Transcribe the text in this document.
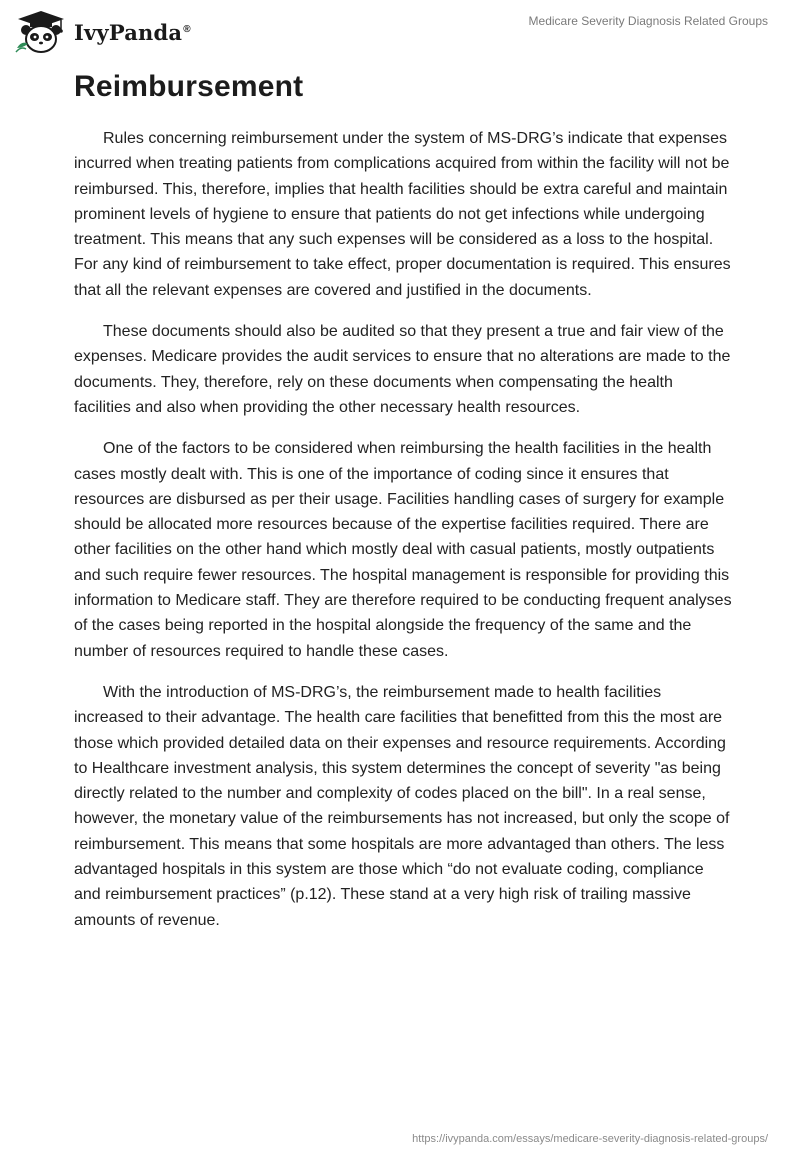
IvyPanda®
Medicare Severity Diagnosis Related Groups
Reimbursement

Rules concerning reimbursement under the system of MS-DRG’s indicate that expenses incurred when treating patients from complications acquired from within the facility will not be reimbursed. This, therefore, implies that health facilities should be extra careful and maintain prominent levels of hygiene to ensure that patients do not get infections while undergoing treatment. This means that any such expenses will be considered as a loss to the hospital. For any kind of reimbursement to take effect, proper documentation is required. This ensures that all the relevant expenses are covered and justified in the documents.

These documents should also be audited so that they present a true and fair view of the expenses. Medicare provides the audit services to ensure that no alterations are made to the documents. They, therefore, rely on these documents when compensating the health facilities and also when providing the other necessary health resources.

One of the factors to be considered when reimbursing the health facilities in the health cases mostly dealt with. This is one of the importance of coding since it ensures that resources are disbursed as per their usage. Facilities handling cases of surgery for example should be allocated more resources because of the expertise facilities required. There are other facilities on the other hand which mostly deal with casual patients, mostly outpatients and such require fewer resources. The hospital management is responsible for providing this information to Medicare staff. They are therefore required to be conducting frequent analyses of the cases being reported in the hospital alongside the frequency of the same and the number of resources required to handle these cases.

With the introduction of MS-DRG’s, the reimbursement made to health facilities increased to their advantage. The health care facilities that benefitted from this the most are those which provided detailed data on their expenses and resource requirements. According to Healthcare investment analysis, this system determines the concept of severity "as being directly related to the number and complexity of codes placed on the bill". In a real sense, however, the monetary value of the reimbursements has not increased, but only the scope of reimbursement. This means that some hospitals are more advantaged than others. The less advantaged hospitals in this system are those which “do not evaluate coding, compliance and reimbursement practices” (p.12). These stand at a very high risk of trailing massive amounts of revenue.

https://ivypanda.com/essays/medicare-severity-diagnosis-related-groups/
